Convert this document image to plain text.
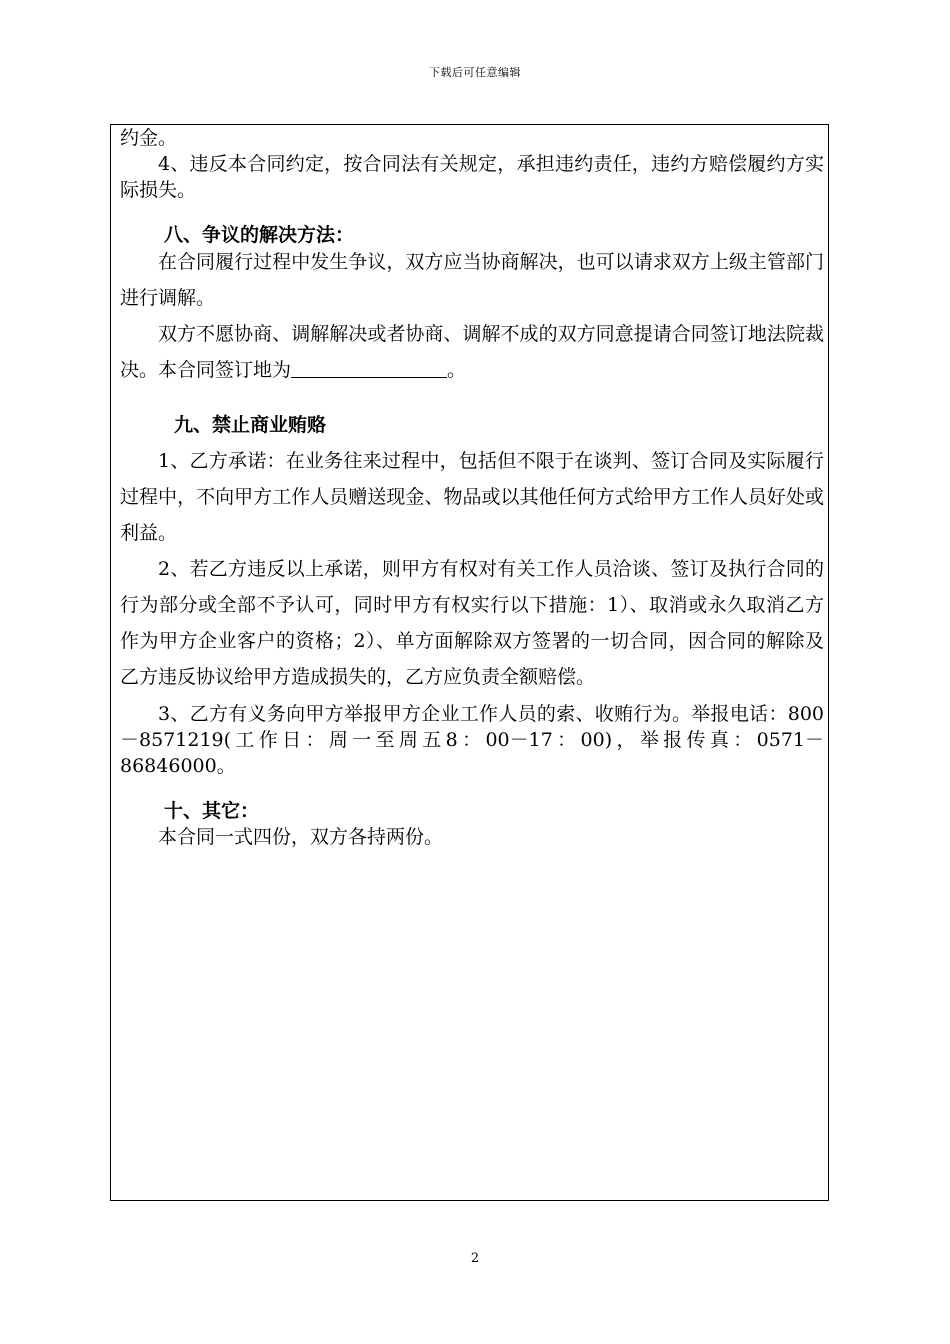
下载后可任意编辑

约金。

4、违反本合同约定，按合同法有关规定，承担违约责任，违约方赔偿履约方实际损失。

八、争议的解决方法：

在合同履行过程中发生争议，双方应当协商解决，也可以请求双方上级主管部门进行调解。

双方不愿协商、调解解决或者协商、调解不成的双方同意提请合同签订地法院裁决。本合同签订地为	。

九、禁止商业贿赂

1、乙方承诺：在业务往来过程中，包括但不限于在谈判、签订合同及实际履行过程中，不向甲方工作人员赠送现金、物品或以其他任何方式给甲方工作人员好处或利益。

2、若乙方违反以上承诺，则甲方有权对有关工作人员洽谈、签订及执行合同的行为部分或全部不予认可，同时甲方有权实行以下措施：1）、取消或永久取消乙方作为甲方企业客户的资格；2）、单方面解除双方签署的一切合同，因合同的解除及乙方违反协议给甲方造成损失的，乙方应负责全额赔偿。

3、乙方有义务向甲方举报甲方企业工作人员的索、收贿行为。举报电话：800－8571219(工作日：周一至周五8：00－17：00)，举报传真：0571－86846000。

十、其它：

本合同一式四份，双方各持两份。

2
